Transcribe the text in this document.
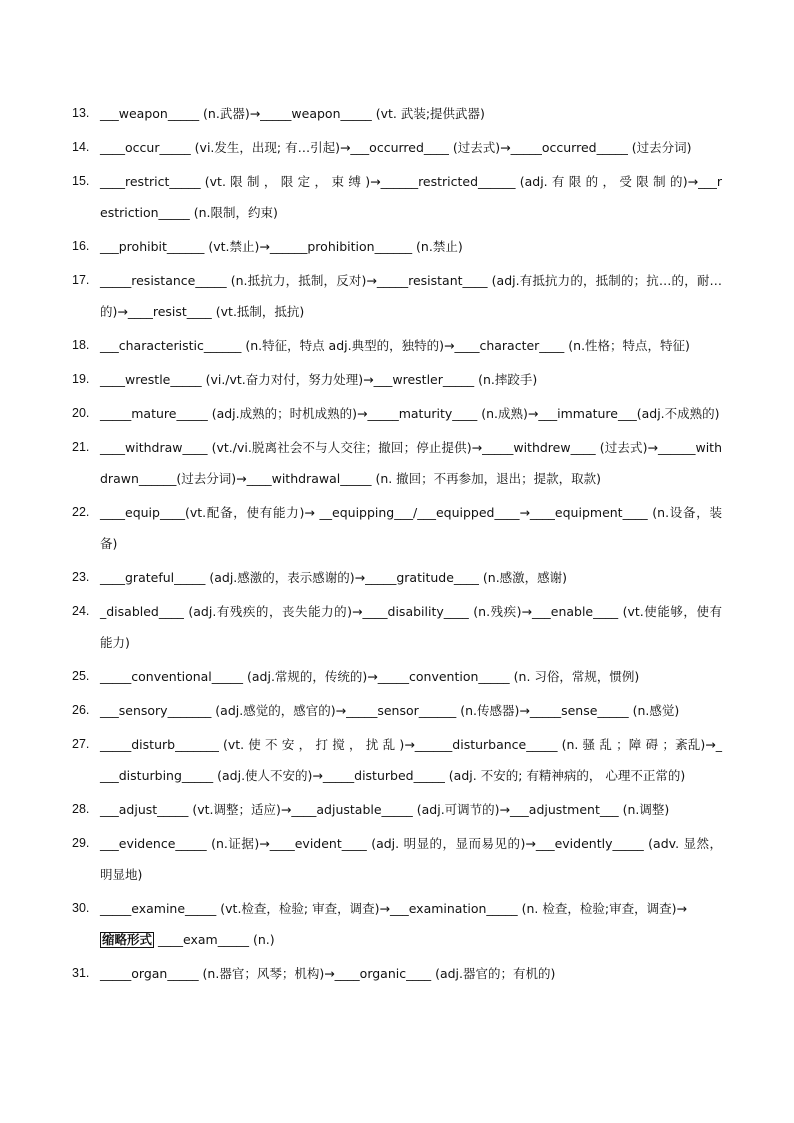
13. ___weapon_____ (n.武器)→_____weapon_____ (vt. 武装;提供武器)
14. ____occur_____ (vi.发生，出现; 有…引起)→___occurred____ (过去式)→_____occurred_____ (过去分词)
15. ____restrict_____ (vt. 限 制 ， 限 定 ， 束 缚 )→______restricted______ (adj. 有 限 的 ， 受 限 制 的)→___restriction_____ (n.限制，约束)
16. ___prohibit______ (vt.禁止)→______prohibition______ (n.禁止)
17. _____resistance_____ (n.抵抗力，抵制，反对)→_____resistant____ (adj.有抵抗力的，抵制的；抗…的，耐…的)→____resist____ (vt.抵制，抵抗)
18. ___characteristic______ (n.特征，特点 adj.典型的，独特的)→____character____ (n.性格；特点，特征)
19. ____wrestle_____ (vi./vt.奋力对付，努力处理)→___wrestler_____ (n.摔跤手)
20. _____mature_____ (adj.成熟的；时机成熟的)→_____maturity____ (n.成熟)→___immature___(adj.不成熟的)
21. ____withdraw____ (vt./vi.脱离社会不与人交往；撤回；停止提供)→_____withdrew____ (过去式)→______withdrawn______(过去分词)→____withdrawal_____ (n. 撤回；不再参加，退出；提款，取款)
22. ____equip____(vt.配备，使有能力)→ __equipping___/___equipped____→____equipment____ (n.设备，装备)
23. ____grateful_____ (adj.感激的，表示感谢的)→_____gratitude____ (n.感激，感谢)
24. _disabled____ (adj.有残疾的，丧失能力的)→____disability____ (n.残疾)→___enable____ (vt.使能够，使有能力)
25. _____conventional_____ (adj.常规的，传统的)→_____convention_____ (n. 习俗，常规，惯例)
26. ___sensory_______ (adj.感觉的，感官的)→_____sensor______ (n.传感器)→_____sense_____ (n.感觉)
27. _____disturb_______ (vt. 使 不 安 ， 打 搅 ， 扰 乱 )→______disturbance_____ (n. 骚 乱 ；障 碍 ；紊乱)→____disturbing_____ (adj.使人不安的)→_____disturbed_____ (adj. 不安的; 有精神病的， 心理不正常的)
28. ___adjust_____ (vt.调整；适应)→____adjustable_____ (adj.可调节的)→___adjustment___ (n.调整)
29. ___evidence_____ (n.证据)→____evident____ (adj. 明显的，显而易见的)→___evidently_____ (adv. 显然，明显地)
30. _____examine_____ (vt.检查，检验; 审查，调查)→___examination_____ (n. 检查，检验;审查，调查)→
缩略形式 ____exam_____ (n.)
31. _____organ_____ (n.器官；风琴；机构)→____organic____ (adj.器官的；有机的)
